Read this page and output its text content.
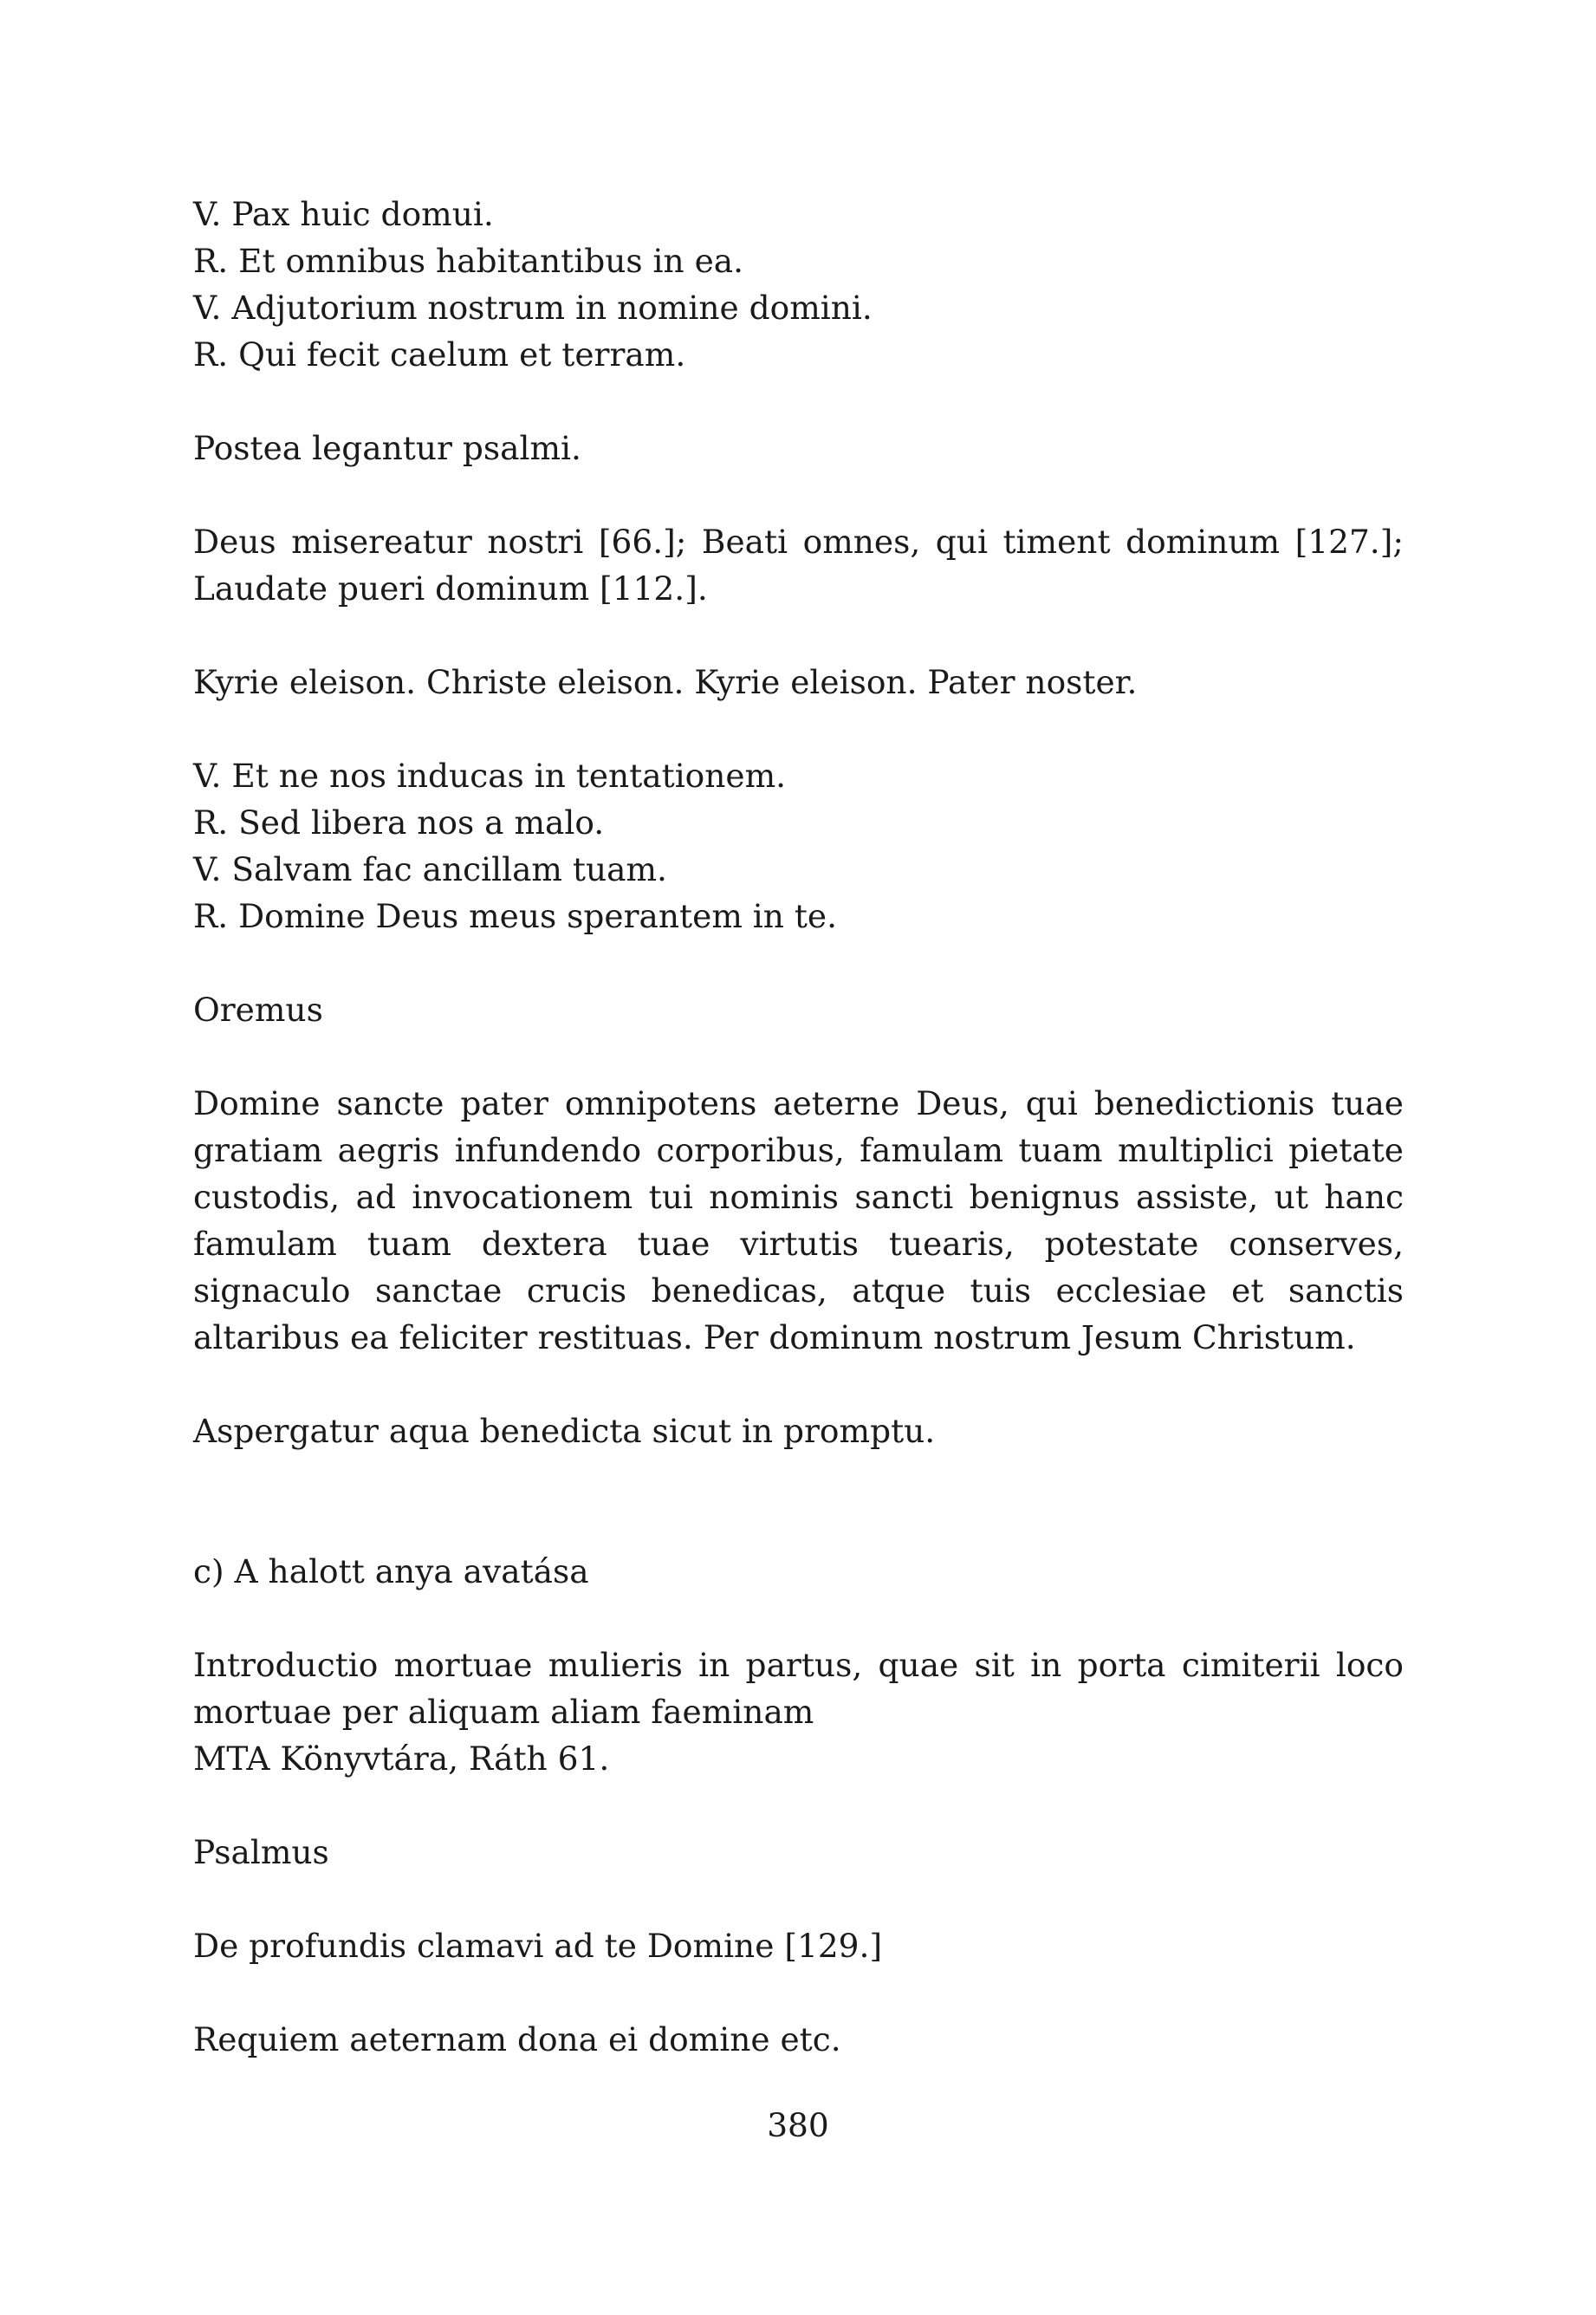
V. Pax huic domui.
R. Et omnibus habitantibus in ea.
V. Adjutorium nostrum in nomine domini.
R. Qui fecit caelum et terram.
Postea legantur psalmi.
Deus misereatur nostri [66.]; Beati omnes, qui timent dominum [127.]; Laudate pueri dominum [112.].
Kyrie eleison. Christe eleison. Kyrie eleison. Pater noster.
V. Et ne nos inducas in tentationem.
R. Sed libera nos a malo.
V. Salvam fac ancillam tuam.
R. Domine Deus meus sperantem in te.
Oremus
Domine sancte pater omnipotens aeterne Deus, qui benedictionis tuae gratiam aegris infundendo corporibus, famulam tuam multiplici pietate custodis, ad invocationem tui nominis sancti benignus assiste, ut hanc famulam tuam dextera tuae virtutis tuearis, potestate conserves, signaculo sanctae crucis benedicas, atque tuis ecclesiae et sanctis altaribus ea feliciter restituas. Per dominum nostrum Jesum Christum.
Aspergatur aqua benedicta sicut in promptu.
c) A halott anya avatása
Introductio mortuae mulieris in partus, quae sit in porta cimiterii loco mortuae per aliquam aliam faeminam
MTA Könyvtára, Ráth 61.
Psalmus
De profundis clamavi ad te Domine [129.]
Requiem aeternam dona ei domine etc.
380
